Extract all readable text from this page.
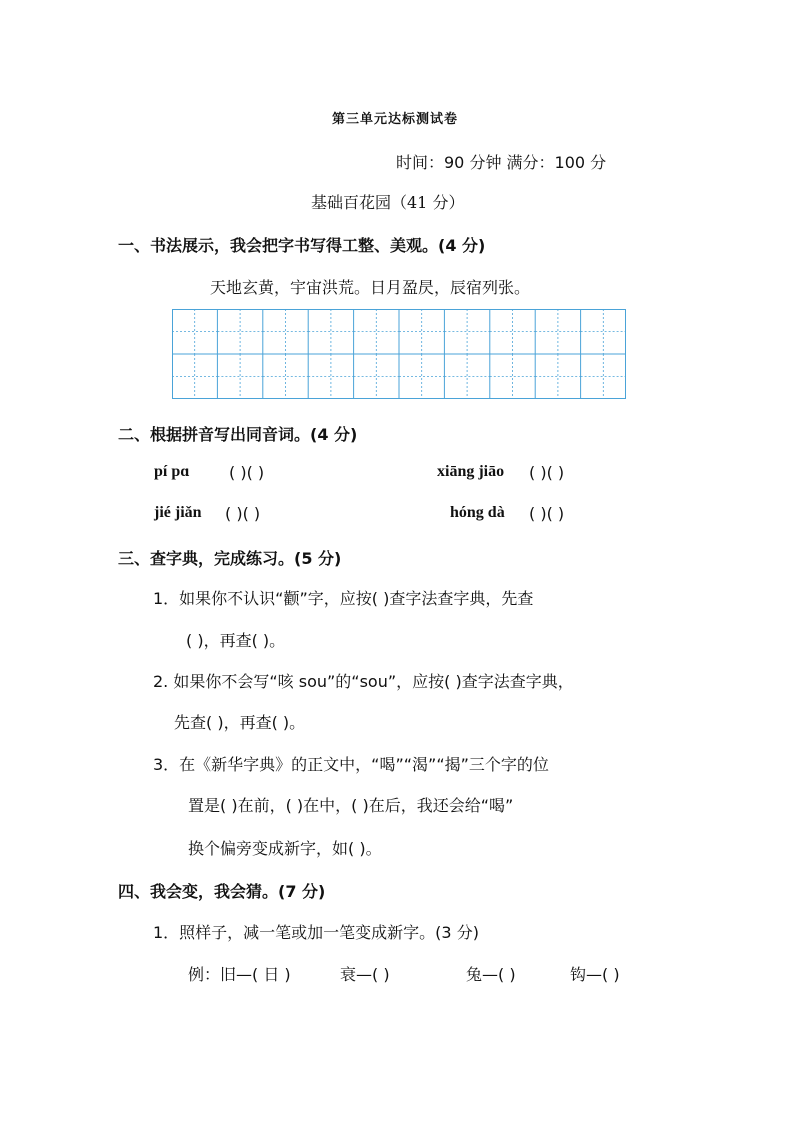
第三单元达标测试卷
时间：90 分钟 满分：100 分
基础百花园（41 分）
一、书法展示，我会把字书写得工整、美观。(4 分)
天地玄黄，宇宙洪荒。日月盈昃，辰宿列张。
二、根据拼音写出同音词。(4 分)
pí pɑ ( )( )	xiāng jiāo ( )( )
jié jiǎn ( )( )	hóng dà ( )( )
三、查字典，完成练习。(5 分)
1．如果你不认识“颧”字，应按( )查字法查字典，先查
( )，再查( )。
2. 如果你不会写“咳 sou”的“sou”，应按( )查字法查字典，
先查( )，再查( )。
3．在《新华字典》的正文中，“喝”“渴”“揭”三个字的位
置是( )在前，( )在中，( )在后，我还会给“喝”
换个偏旁变成新字，如( )。
四、我会变，我会猜。(7 分)
1．照样子，减一笔或加一笔变成新字。(3 分)
例：旧—( 日 )	衰—( )	兔—( )	钩—( )
